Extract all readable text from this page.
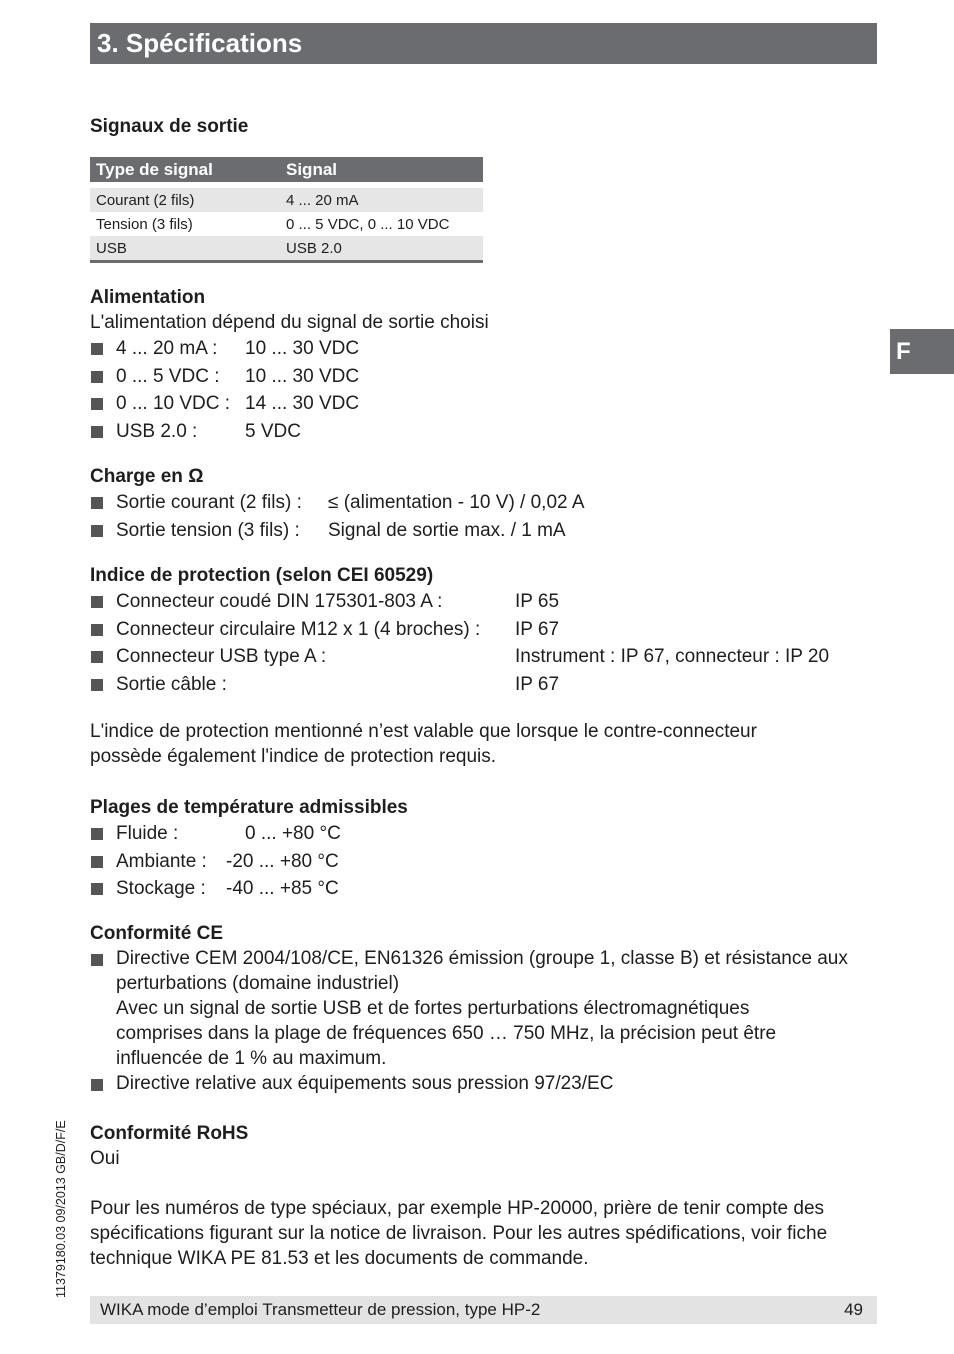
3. Spécifications
F

Signaux de sortie

Type de signal	Signal

Courant (2 fils)	4 ... 20 mA
Tension (3 fils)	0 ... 5 VDC, 0 ... 10 VDC
USB	USB 2.0

Alimentation

L'alimentation dépend du signal de sortie choisi

4 ... 20 mA : 10 ... 30 VDC
0 ... 5 VDC : 10 ... 30 VDC
0 ... 10 VDC : 14 ... 30 VDC
USB 2.0 :	5 VDC

Charge en Ω

Sortie courant (2 fils) : ≤ (alimentation - 10 V) / 0,02 A
Sortie tension (3 fils) : Signal de sortie max. / 1 mA

Indice de protection (selon CEI 60529)

Connecteur coudé DIN 175301-803 A :	IP 65
Connecteur circulaire M12 x 1 (4 broches) : IP 67
Connecteur USB type A :	Instrument : IP 67, connecteur : IP 20
Sortie câble :	IP 67

L'indice de protection mentionné n’est valable que lorsque le contre-connecteur possède également l'indice de protection requis.

Plages de température admissibles

Fluide :	0 ... +80 °C
Ambiante : -20 ... +80 °C
Stockage : -40 ... +85 °C

Conformité CE

Directive CEM 2004/108/CE, EN61326 émission (groupe 1, classe B) et résistance aux perturbations (domaine industriel)
Avec un signal de sortie USB et de fortes perturbations électromagnétiques comprises dans la plage de fréquences 650 … 750 MHz, la précision peut être influencée de 1 % au maximum.
Directive relative aux équipements sous pression 97/23/EC

Conformité RoHS

Oui

Pour les numéros de type spéciaux, par exemple HP-20000, prière de tenir compte des spécifications figurant sur la notice de livraison. Pour les autres spédifications, voir fiche technique WIKA PE 81.53 et les documents de commande.

11379180.03 09/2013 GB/D/F/E
WIKA mode d’emploi Transmetteur de pression, type HP-2	49
